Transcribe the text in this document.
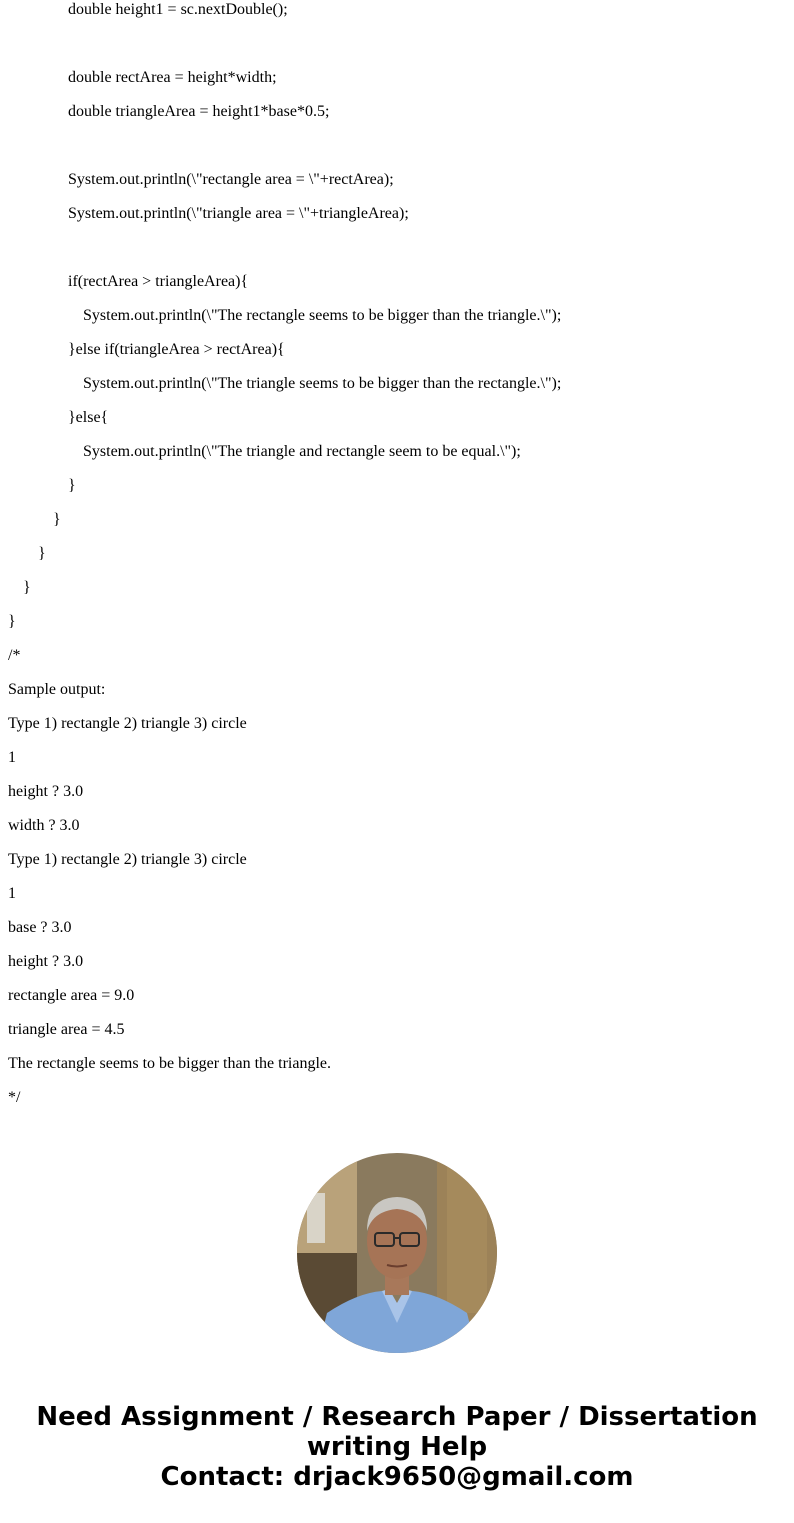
double height1 = sc.nextDouble();
double rectArea = height*width;
double triangleArea = height1*base*0.5;
System.out.println(\"rectangle area = \"+rectArea);
System.out.println(\"triangle area = \"+triangleArea);
if(rectArea > triangleArea){
System.out.println(\"The rectangle seems to be bigger than the triangle.\");
}else if(triangleArea > rectArea){
System.out.println(\"The triangle seems to be bigger than the rectangle.\");
}else{
System.out.println(\"The triangle and rectangle seem to be equal.\");
}
}
}
}
}
/*
Sample output:
Type 1) rectangle 2) triangle 3) circle
1
height ? 3.0
width ? 3.0
Type 1) rectangle 2) triangle 3) circle
1
base ? 3.0
height ? 3.0
rectangle area = 9.0
triangle area = 4.5
The rectangle seems to be bigger than the triangle.
*/
Need Assignment / Research Paper / Dissertation
writing Help
Contact: drjack9650@gmail.com
